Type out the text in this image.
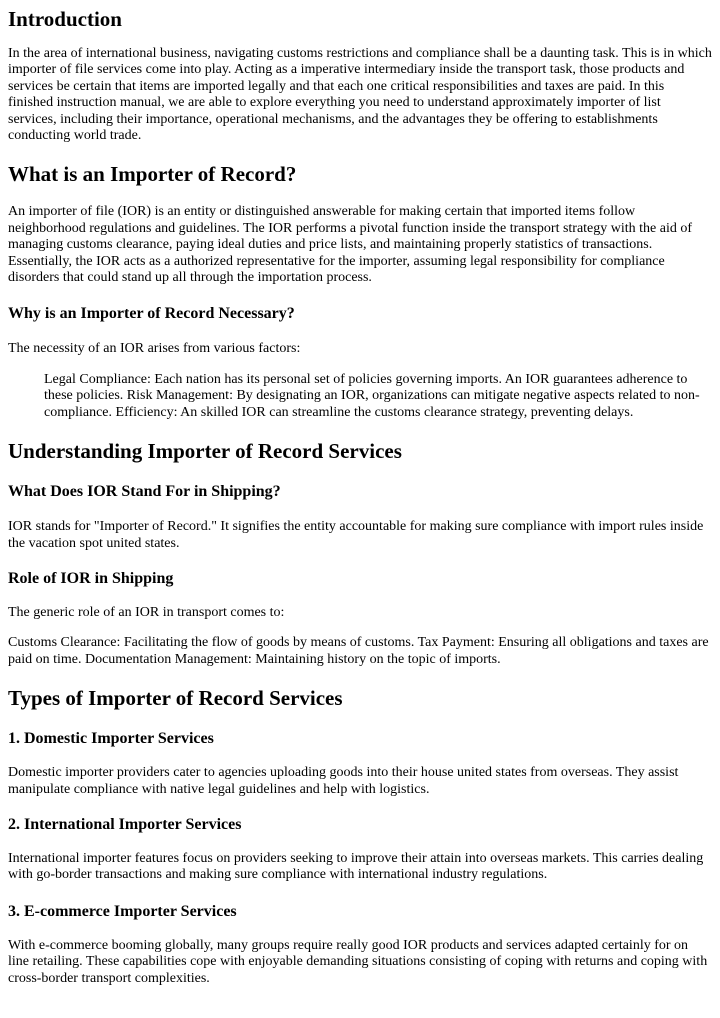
Introduction

In the area of international business, navigating customs restrictions and compliance shall be a daunting task. This is in which importer of file services come into play. Acting as a imperative intermediary inside the transport task, those products and services be certain that items are imported legally and that each one critical responsibilities and taxes are paid. In this finished instruction manual, we are able to explore everything you need to understand approximately importer of list services, including their importance, operational mechanisms, and the advantages they be offering to establishments conducting world trade.

What is an Importer of Record?

An importer of file (IOR) is an entity or distinguished answerable for making certain that imported items follow neighborhood regulations and guidelines. The IOR performs a pivotal function inside the transport strategy with the aid of managing customs clearance, paying ideal duties and price lists, and maintaining properly statistics of transactions. Essentially, the IOR acts as a authorized representative for the importer, assuming legal responsibility for compliance disorders that could stand up all through the importation process.

Why is an Importer of Record Necessary?

The necessity of an IOR arises from various factors:

Legal Compliance: Each nation has its personal set of policies governing imports. An IOR guarantees adherence to these policies. Risk Management: By designating an IOR, organizations can mitigate negative aspects related to non-compliance. Efficiency: An skilled IOR can streamline the customs clearance strategy, preventing delays.
Understanding Importer of Record Services
What Does IOR Stand For in Shipping?

IOR stands for "Importer of Record." It signifies the entity accountable for making sure compliance with import rules inside the vacation spot united states.

Role of IOR in Shipping

The generic role of an IOR in transport comes to:

Customs Clearance: Facilitating the flow of goods by means of customs. Tax Payment: Ensuring all obligations and taxes are paid on time. Documentation Management: Maintaining history on the topic of imports.

Types of Importer of Record Services
1. Domestic Importer Services

Domestic importer providers cater to agencies uploading goods into their house united states from overseas. They assist manipulate compliance with native legal guidelines and help with logistics.

2. International Importer Services

International importer features focus on providers seeking to improve their attain into overseas markets. This carries dealing with go-border transactions and making sure compliance with international industry regulations.

3. E-commerce Importer Services

With e-commerce booming globally, many groups require really good IOR products and services adapted certainly for on line retailing. These capabilities cope with enjoyable demanding situations consisting of coping with returns and coping with cross-border transport complexities.
